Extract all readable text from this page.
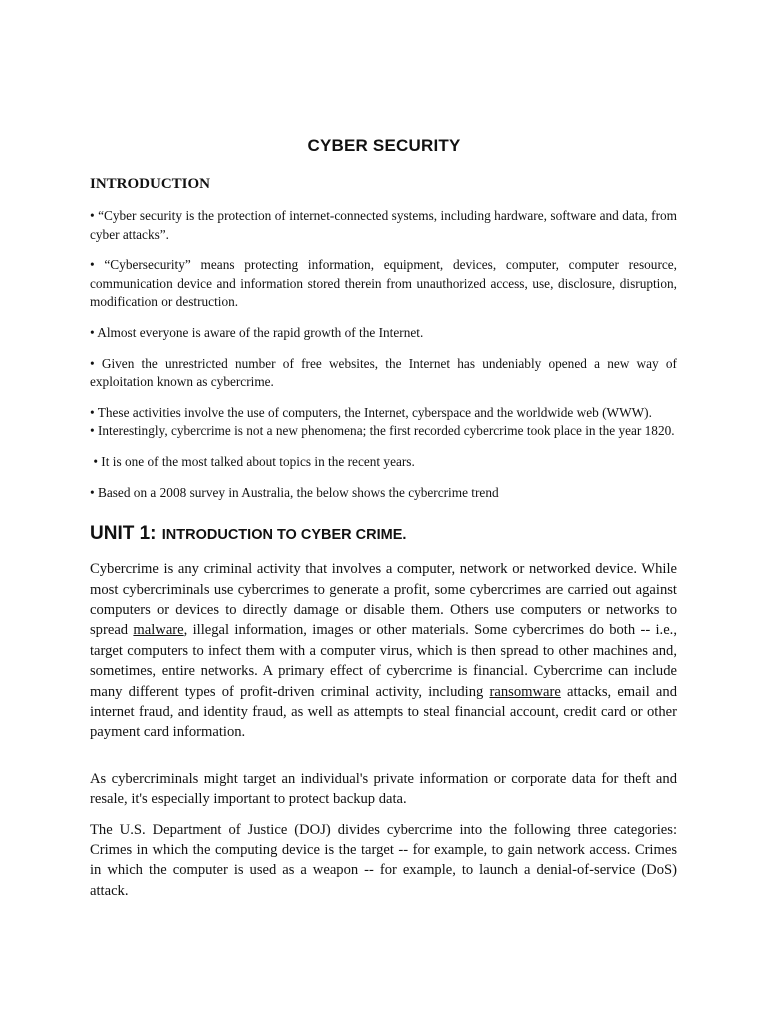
CYBER SECURITY
INTRODUCTION

• “Cyber security is the protection of internet-connected systems, including hardware, software and data, from cyber attacks”.

• “Cybersecurity” means protecting information, equipment, devices, computer, computer resource, communication device and information stored therein from unauthorized access, use, disclosure, disruption, modification or destruction.

• Almost everyone is aware of the rapid growth of the Internet.

• Given the unrestricted number of free websites, the Internet has undeniably opened a new way of exploitation known as cybercrime.

• These activities involve the use of computers, the Internet, cyberspace and the worldwide web (WWW).

• Interestingly, cybercrime is not a new phenomena; the first recorded cybercrime took place in the year 1820.

• It is one of the most talked about topics in the recent years.

• Based on a 2008 survey in Australia, the below shows the cybercrime trend

UNIT 1: INTRODUCTION TO CYBER CRIME.

Cybercrime is any criminal activity that involves a computer, network or networked device. While most cybercriminals use cybercrimes to generate a profit, some cybercrimes are carried out against computers or devices to directly damage or disable them. Others use computers or networks to spread malware, illegal information, images or other materials. Some cybercrimes do both -- i.e., target computers to infect them with a computer virus, which is then spread to other machines and, sometimes, entire networks. A primary effect of cybercrime is financial. Cybercrime can include many different types of profit-driven criminal activity, including ransomware attacks, email and internet fraud, and identity fraud, as well as attempts to steal financial account, credit card or other payment card information.

As cybercriminals might target an individual's private information or corporate data for theft and resale, it's especially important to protect backup data.

The U.S. Department of Justice (DOJ) divides cybercrime into the following three categories: Crimes in which the computing device is the target -- for example, to gain network access. Crimes in which the computer is used as a weapon -- for example, to launch a denial-of-service (DoS) attack.
